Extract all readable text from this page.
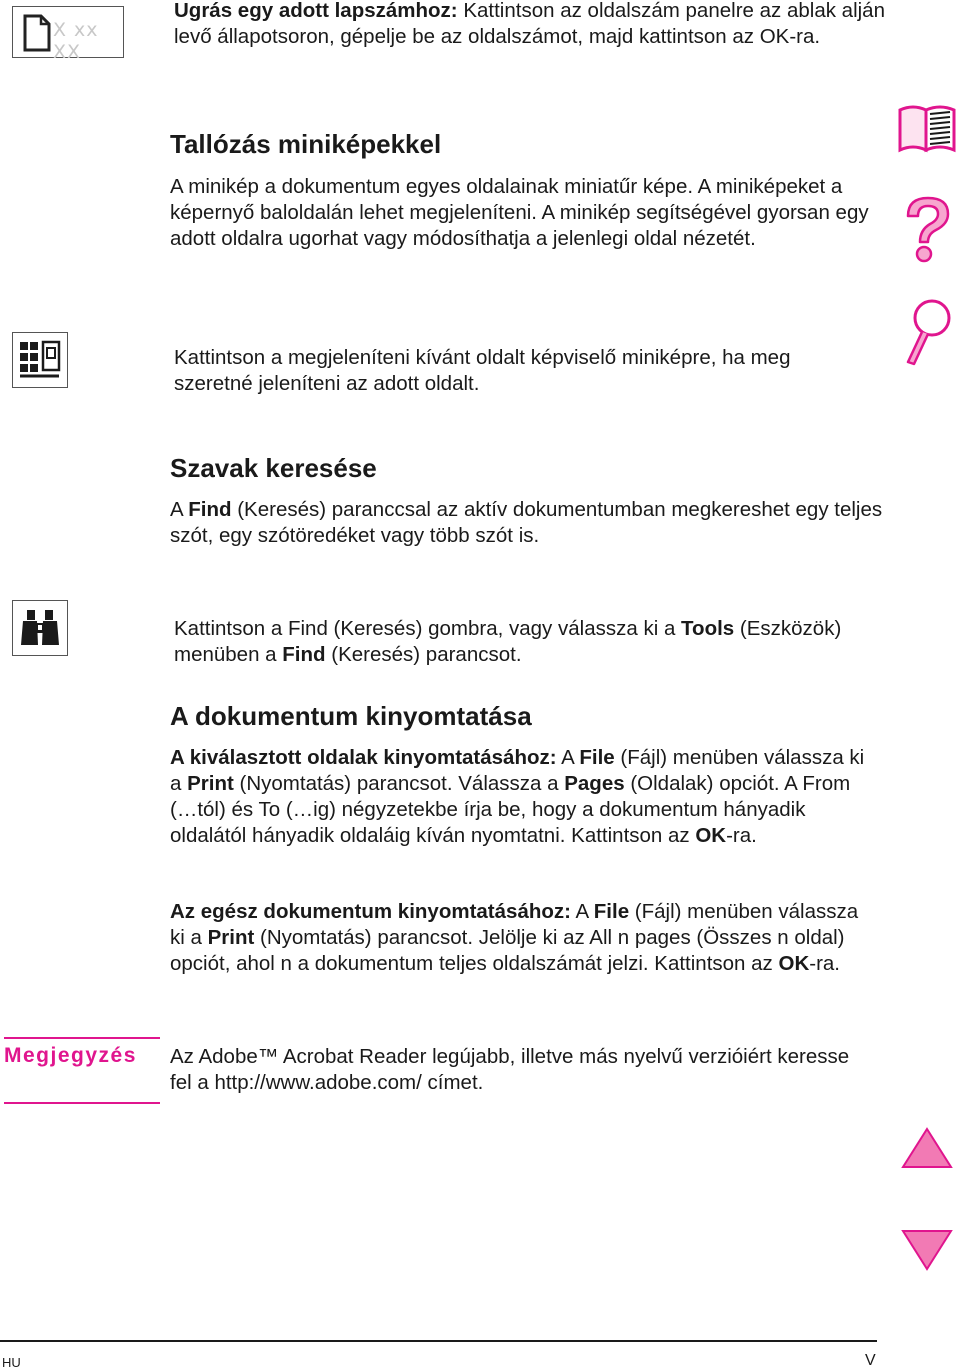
X xx XX

Ugrás egy adott lapszámhoz: Kattintson az oldalszám panelre az ablak alján levő állapotsoron, gépelje be az oldalszámot, majd kattintson az OK-ra.

Tallózás miniképekkel

A minikép a dokumentum egyes oldalainak miniatűr képe. A miniképeket a képernyő baloldalán lehet megjeleníteni. A minikép segítségével gyorsan egy adott oldalra ugorhat vagy módosíthatja a jelenlegi oldal nézetét.

Kattintson a megjeleníteni kívánt oldalt képviselő miniképre, ha meg szeretné jeleníteni az adott oldalt.

Szavak keresése

A Find (Keresés) paranccsal az aktív dokumentumban megkereshet egy teljes szót, egy szótöredéket vagy több szót is.

Kattintson a Find (Keresés) gombra, vagy válassza ki a Tools (Eszközök) menüben a Find (Keresés) parancsot.

A dokumentum kinyomtatása

A kiválasztott oldalak kinyomtatásához: A File (Fájl) menüben válassza ki a Print (Nyomtatás) parancsot. Válassza a Pages (Oldalak) opciót. A From (…tól) és To (…ig) négyzetekbe írja be, hogy a dokumentum hányadik oldalától hányadik oldaláig kíván nyomtatni. Kattintson az OK-ra.

Az egész dokumentum kinyomtatásához: A File (Fájl) menüben válassza ki a Print (Nyomtatás) parancsot. Jelölje ki az All n pages (Összes n oldal) opciót, ahol n a dokumentum teljes oldalszámát jelzi. Kattintson az OK-ra.

Megjegyzés Az Adobe™ Acrobat Reader legújabb, illetve más nyelvű verzióiért keresse fel a http://www.adobe.com/ címet.

HU	V
